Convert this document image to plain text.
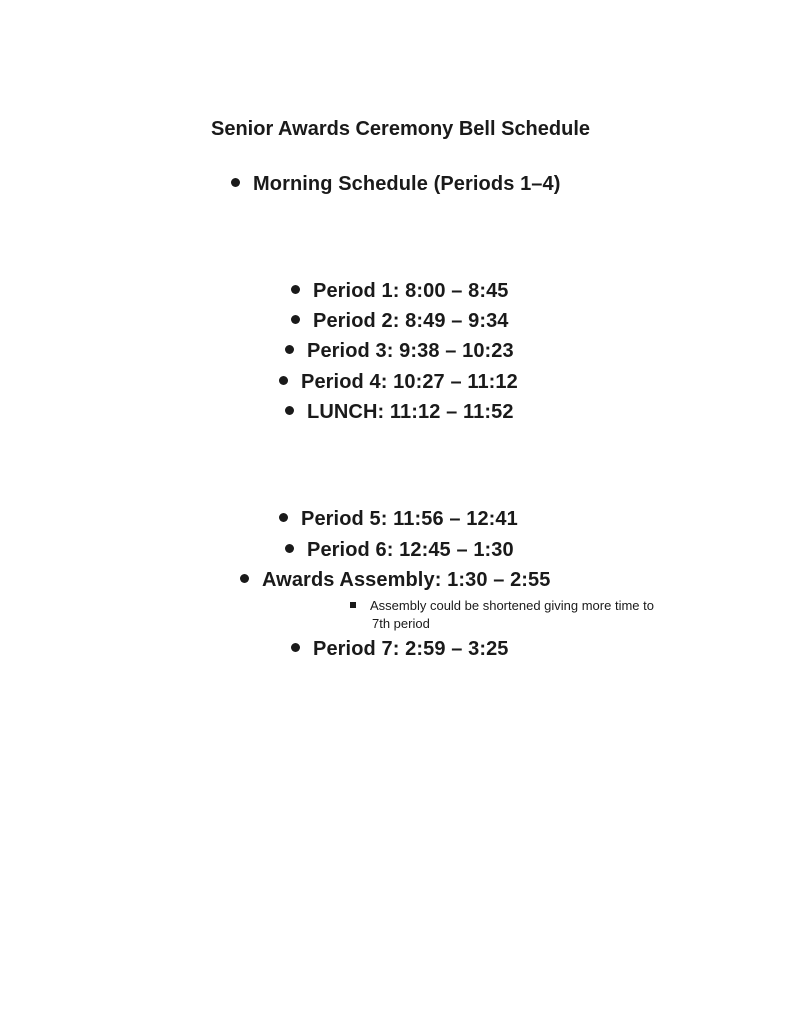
Senior Awards Ceremony Bell Schedule
Morning Schedule (Periods 1–4)
Period 1: 8:00 – 8:45
Period 2: 8:49 – 9:34
Period 3: 9:38 – 10:23
Period 4: 10:27 – 11:12
LUNCH: 11:12 – 11:52
Period 5: 11:56 – 12:41
Period 6: 12:45 – 1:30
Awards Assembly: 1:30 – 2:55
Assembly could be shortened giving more time to
7th period
Period 7: 2:59 – 3:25
